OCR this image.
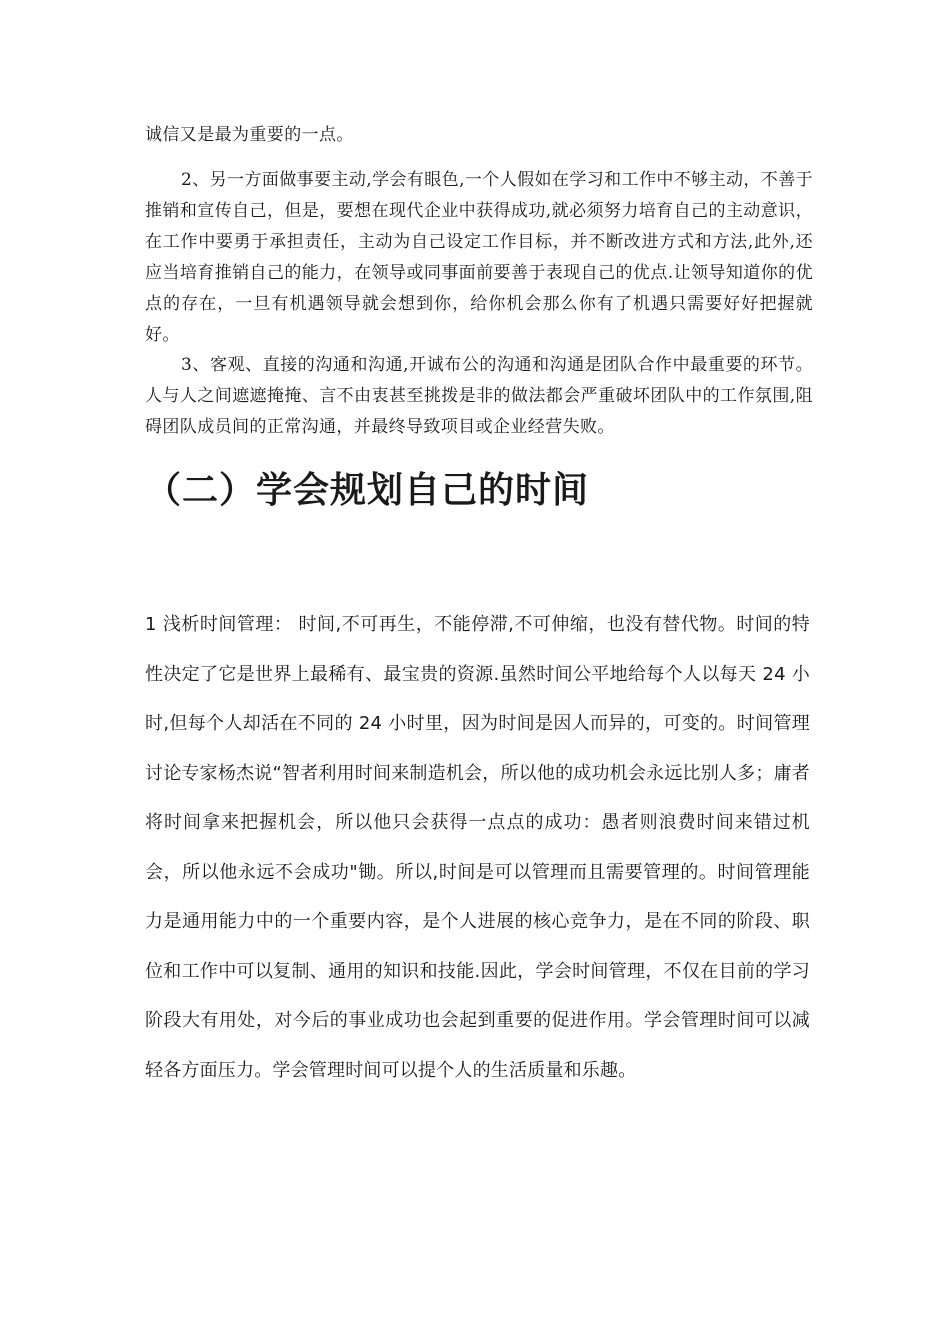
诚信又是最为重要的一点。

2、另一方面做事要主动,学会有眼色,一个人假如在学习和工作中不够主动，不善于推销和宣传自己，但是，要想在现代企业中获得成功,就必须努力培育自己的主动意识，在工作中要勇于承担责任，主动为自己设定工作目标，并不断改进方式和方法,此外,还应当培育推销自己的能力，在领导或同事面前要善于表现自己的优点.让领导知道你的优点的存在，一旦有机遇领导就会想到你，给你机会那么你有了机遇只需要好好把握就好。

3、客观、直接的沟通和沟通,开诚布公的沟通和沟通是团队合作中最重要的环节。人与人之间遮遮掩掩、言不由衷甚至挑拨是非的做法都会严重破坏团队中的工作氛围,阻碍团队成员间的正常沟通，并最终导致项目或企业经营失败。

（二）学会规划自己的时间

1 浅析时间管理： 时间,不可再生，不能停滞,不可伸缩，也没有替代物。时间的特性决定了它是世界上最稀有、最宝贵的资源.虽然时间公平地给每个人以每天 24 小时,但每个人却活在不同的 24 小时里，因为时间是因人而异的，可变的。时间管理讨论专家杨杰说“智者利用时间来制造机会，所以他的成功机会永远比别人多；庸者将时间拿来把握机会，所以他只会获得一点点的成功：愚者则浪费时间来错过机会，所以他永远不会成功"锄。所以,时间是可以管理而且需要管理的。时间管理能力是通用能力中的一个重要内容，是个人进展的核心竞争力，是在不同的阶段、职位和工作中可以复制、通用的知识和技能.因此，学会时间管理，不仅在目前的学习阶段大有用处，对今后的事业成功也会起到重要的促进作用。学会管理时间可以减轻各方面压力。学会管理时间可以提个人的生活质量和乐趣。
